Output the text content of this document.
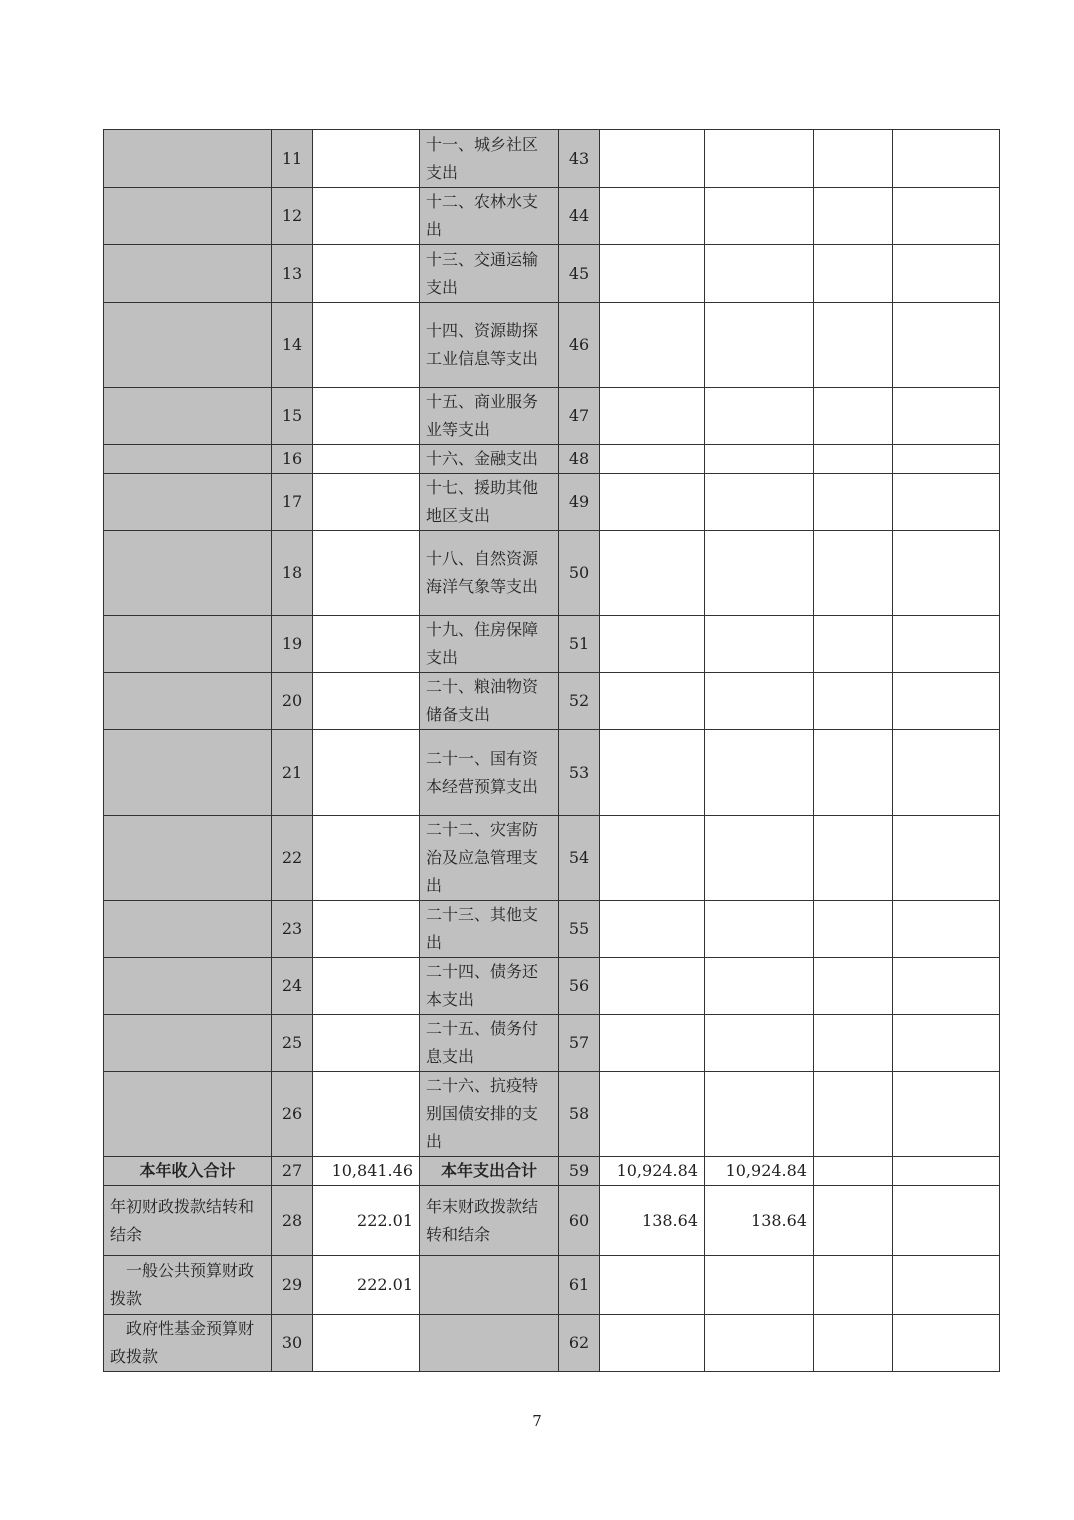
	11		十一、城乡社区支出	43				
	12		十二、农林水支出	44				
	13		十三、交通运输支出	45				
	14		十四、资源勘探工业信息等支出	46				
	15		十五、商业服务业等支出	47				
	16		十六、金融支出	48				
	17		十七、援助其他地区支出	49				
	18		十八、自然资源海洋气象等支出	50				
	19		十九、住房保障支出	51				
	20		二十、粮油物资储备支出	52				
	21		二十一、国有资本经营预算支出	53				
	22		二十二、灾害防治及应急管理支出	54				
	23		二十三、其他支出	55				
	24		二十四、债务还本支出	56				
	25		二十五、债务付息支出	57				
	26		二十六、抗疫特别国债安排的支出	58				
本年收入合计	27	10,841.46	本年支出合计	59	10,924.84	10,924.84		
年初财政拨款结转和结余	28	222.01	年末财政拨款结转和结余	60	138.64	138.64		
一般公共预算财政拨款	29	222.01		61				
政府性基金预算财政拨款	30			62				
7
